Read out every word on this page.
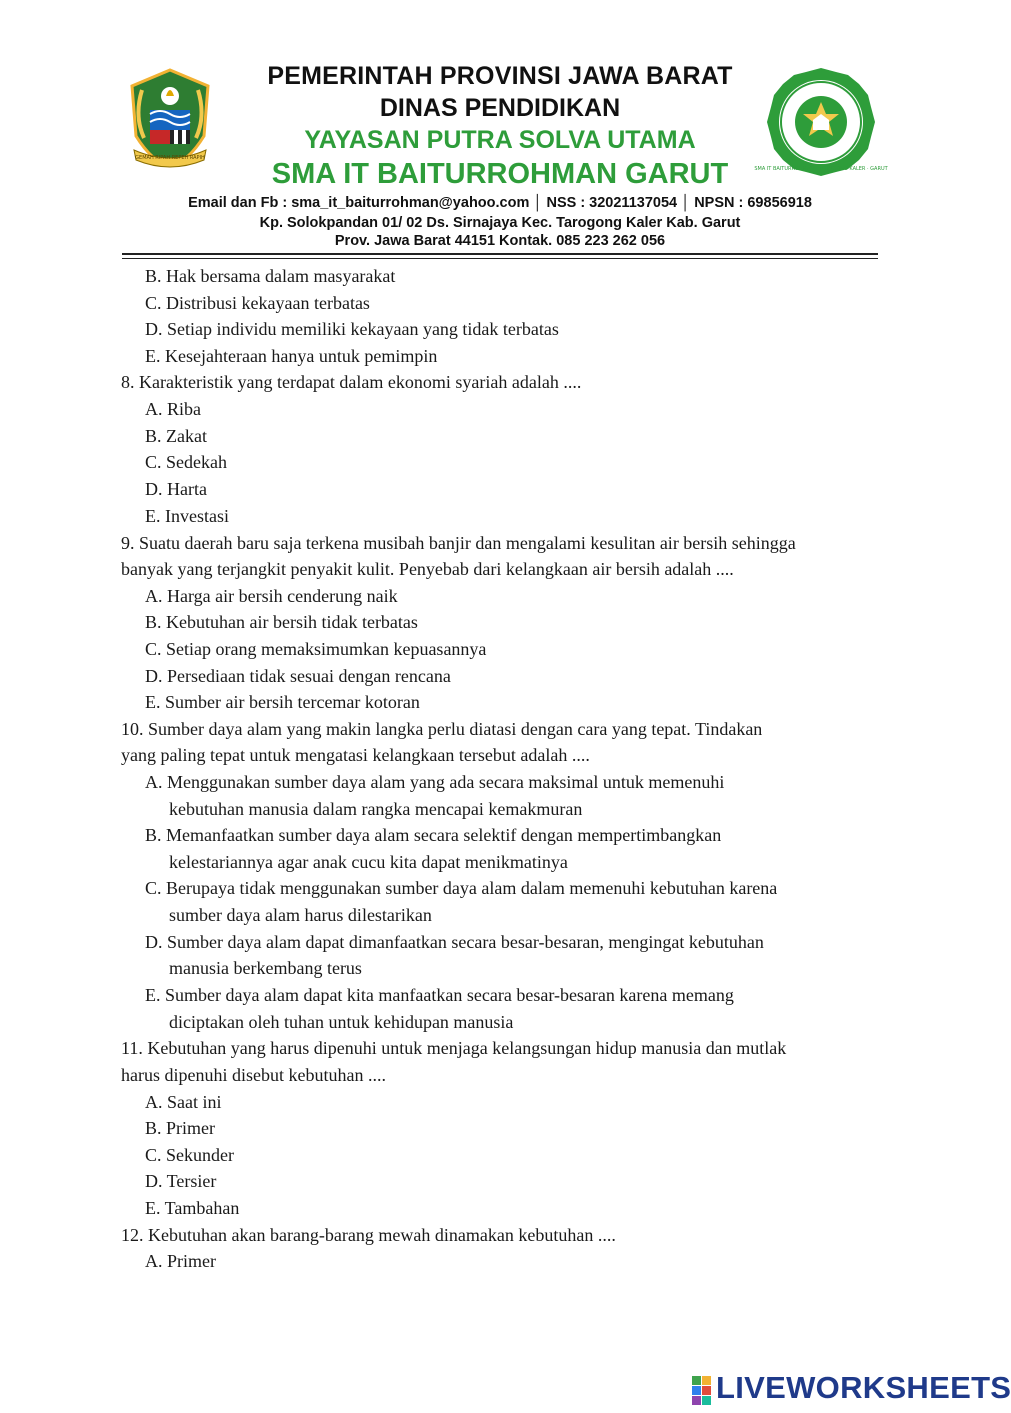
GEMAH RIPAH REPEH RAPIH
PEMERINTAH PROVINSI JAWA BARAT
DINAS PENDIDIKAN
YAYASAN PUTRA SOLVA UTAMA
SMA IT BAITURROHMAN GARUT
Email dan Fb : sma_it_baiturrohman@yahoo.com │ NSS : 32021137054 │ NPSN : 69856918
Kp. Solokpandan 01/ 02 Ds. Sirnajaya Kec. Tarogong Kaler Kab. Garut
Prov. Jawa Barat 44151 Kontak. 085 223 262 056
SMA IT BAITURROHMAN · TAROGONG KALER · GARUT
B. Hak bersama dalam masyarakat
C. Distribusi kekayaan terbatas
D. Setiap individu memiliki kekayaan yang tidak terbatas
E. Kesejahteraan hanya untuk pemimpin
8. Karakteristik yang terdapat dalam ekonomi syariah adalah ....
A. Riba
B. Zakat
C. Sedekah
D. Harta
E. Investasi
9. Suatu daerah baru saja terkena musibah banjir dan mengalami kesulitan air bersih sehingga
banyak yang terjangkit penyakit kulit. Penyebab dari kelangkaan air bersih adalah ....
A. Harga air bersih cenderung naik
B. Kebutuhan air bersih tidak terbatas
C. Setiap orang memaksimumkan kepuasannya
D. Persediaan tidak sesuai dengan rencana
E. Sumber air bersih tercemar kotoran
10. Sumber daya alam yang makin langka perlu diatasi dengan cara yang tepat. Tindakan
yang paling tepat untuk mengatasi kelangkaan tersebut adalah ....
A. Menggunakan sumber daya alam yang ada secara maksimal untuk memenuhi
kebutuhan manusia dalam rangka mencapai kemakmuran
B. Memanfaatkan sumber daya alam secara selektif dengan mempertimbangkan
kelestariannya agar anak cucu kita dapat menikmatinya
C. Berupaya tidak menggunakan sumber daya alam dalam memenuhi kebutuhan karena
sumber daya alam harus dilestarikan
D. Sumber daya alam dapat dimanfaatkan secara besar-besaran, mengingat kebutuhan
manusia berkembang terus
E. Sumber daya alam dapat kita manfaatkan secara besar-besaran karena memang
diciptakan oleh tuhan untuk kehidupan manusia
11. Kebutuhan yang harus dipenuhi untuk menjaga kelangsungan hidup manusia dan mutlak
harus dipenuhi disebut kebutuhan ....
A. Saat ini
B. Primer
C. Sekunder
D. Tersier
E. Tambahan
12. Kebutuhan akan barang-barang mewah dinamakan kebutuhan ....
A. Primer
LIVEWORKSHEETS
